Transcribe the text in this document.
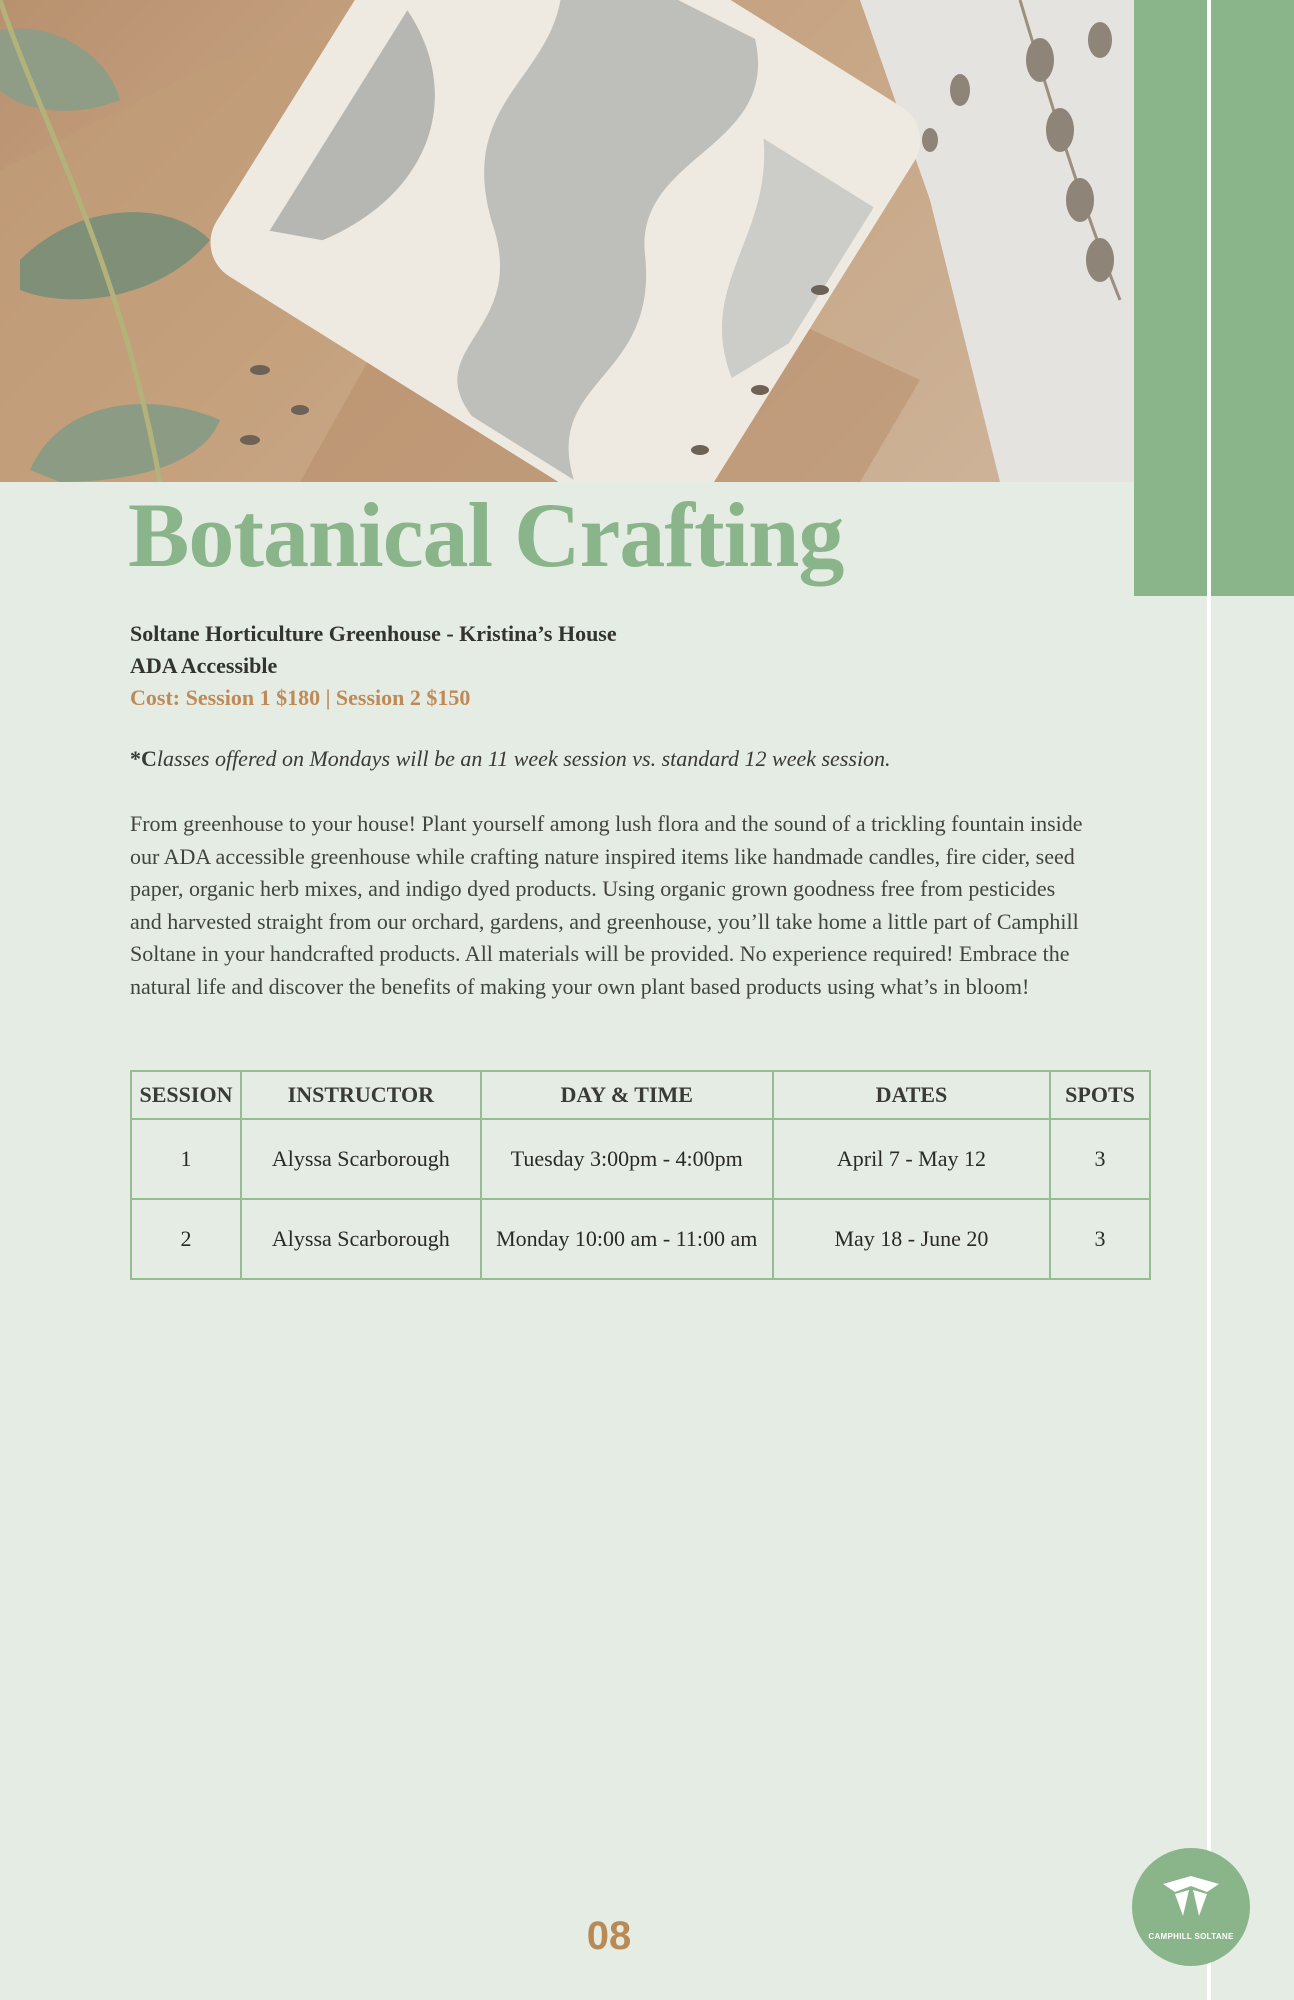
Botanical Crafting
Soltane Horticulture Greenhouse - Kristina’s House
ADA Accessible
Cost: Session 1 $180 | Session 2 $150
*Classes offered on Mondays will be an 11 week session vs. standard 12 week session.

From greenhouse to your house! Plant yourself among lush flora and the sound of a trickling fountain inside our ADA accessible greenhouse while crafting nature inspired items like handmade candles, fire cider, seed paper, organic herb mixes, and indigo dyed products. Using organic grown goodness free from pesticides and harvested straight from our orchard, gardens, and greenhouse, you’ll take home a little part of Camphill Soltane in your handcrafted products. All materials will be provided. No experience required! Embrace the natural life and discover the benefits of making your own plant based products using what’s in bloom!

SESSION	INSTRUCTOR	DAY & TIME	DATES	SPOTS
1	Alyssa Scarborough	Tuesday 3:00pm - 4:00pm	April 7 - May 12	3
2	Alyssa Scarborough	Monday 10:00 am - 11:00 am	May 18 - June 20	3
08	CAMPHILL SOLTANE
